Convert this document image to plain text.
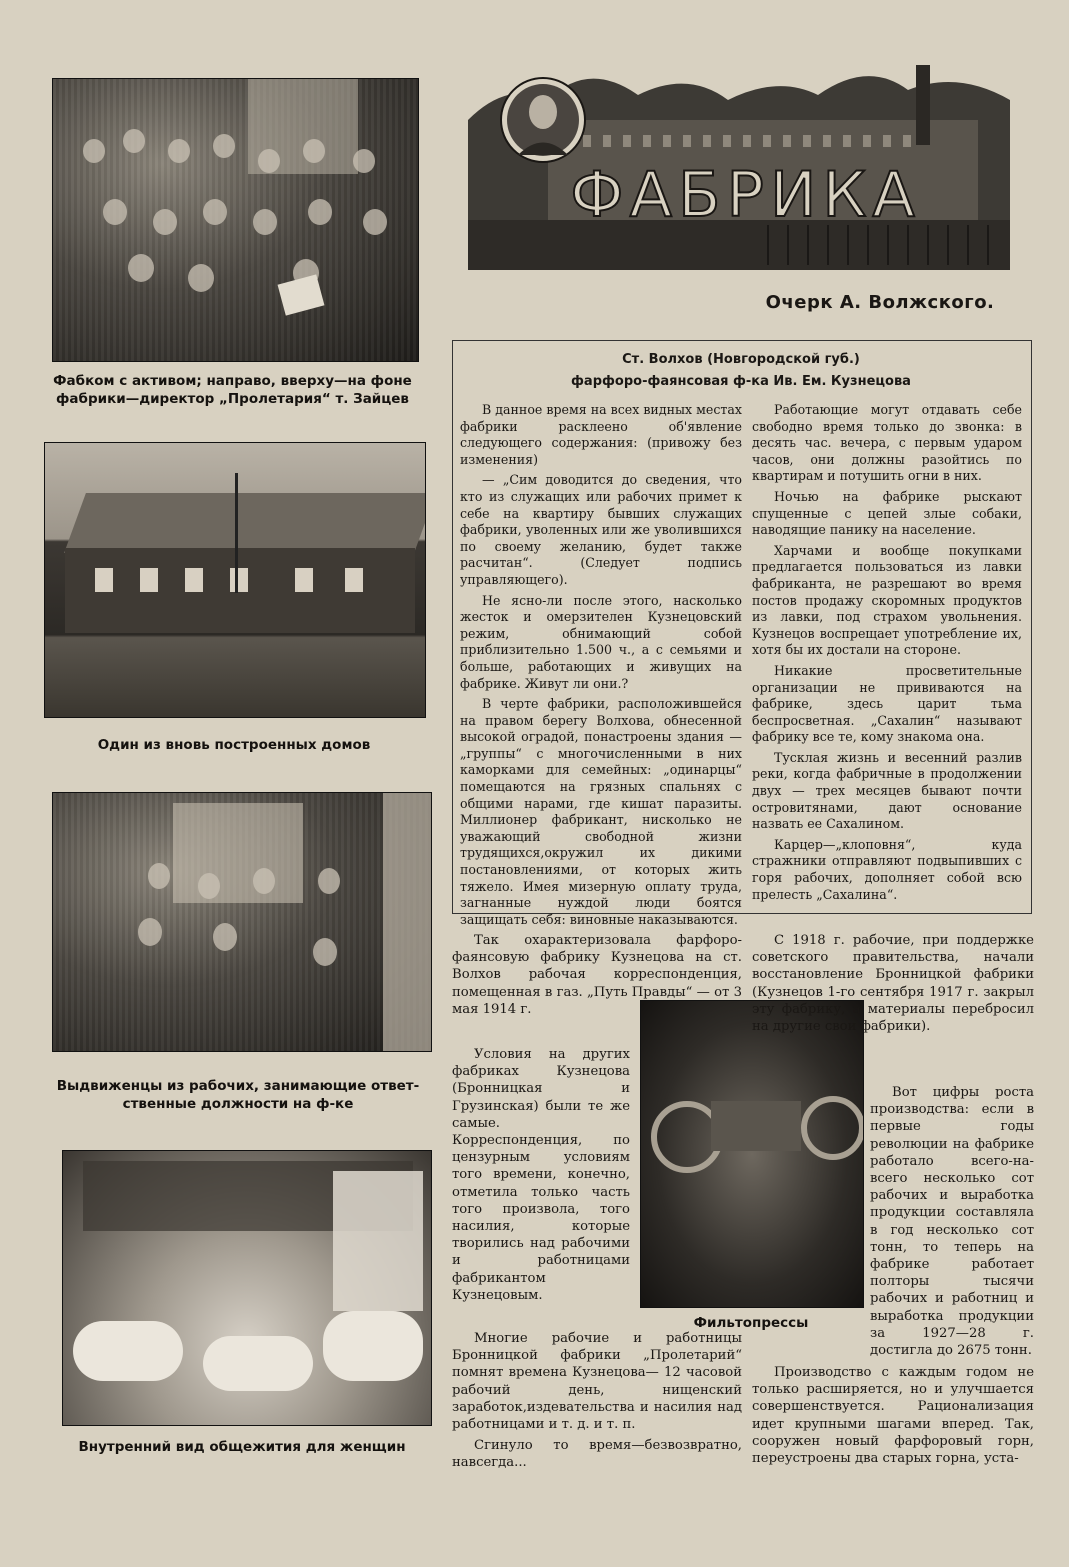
Фабком с активом; направо, вверху—на фоне фабрики—директор „Пролетария“ т. Зайцев
Один из вновь построенных домов
Выдвиженцы из рабочих, занимающие ответ- ственные должности на ф-ке
Внутренний вид общежития для женщин
ФАБРИКА
Очерк А. Волжского.
Ст. Волхов (Новгородской губ.)
фарфоро-фаянсовая ф-ка Ив. Ем. Кузнецова

В данное время на всех видных местах фабрики расклеено об'явление следующего содержания: (привожу без изменения)

— „Сим доводится до сведения, что кто из служащих или рабочих примет к себе на квартиру бывших служащих фабрики, уволенных или же уволившихся по своему желанию, будет также расчитан“. (Следует подпись управляющего).

Не ясно-ли после этого, насколько жесток и омерзителен Кузнецовский режим, обнимающий собой приблизительно 1.500 ч., а с семьями и больше, работающих и живущих на фабрике. Живут ли они.?

В черте фабрики, расположившейся на правом берегу Волхова, обнесенной высокой оградой, понастроены здания — „группы“ с многочисленными в них каморками для семейных: „одинарцы“ помещаются на грязных спальнях с общими нарами, где кишат паразиты. Миллионер фабрикант, нисколько не уважающий свободной жизни трудящихся,окружил их дикими постановлениями, от которых жить тяжело. Имея мизерную оплату труда, загнанные нуждой люди боятся защищать себя: виновные наказываются.

Работающие могут отдавать себе свободно время только до звонка: в десять час. вечера, с первым ударом часов, они должны разойтись по квартирам и потушить огни в них.

Ночью на фабрике рыскают спущенные с цепей злые собаки, наводящие панику на население.

Харчами и вообще покупками предлагается пользоваться из лавки фабриканта, не разрешают во время постов продажу скоромных продуктов из лавки, под страхом увольнения. Кузнецов воспрещает употребление их, хотя бы их достали на стороне.

Никакие просветительные организации не прививаются на фабрике, здесь царит тьма беспросветная. „Сахалин“ называют фабрику все те, кому знакома она.

Тусклая жизнь и весенний разлив реки, когда фабричные в продолжении двух — трех месяцев бывают почти островитянами, дают основание назвать ее Сахалином.

Карцер—„клоповня“, куда стражники отправляют подвыпивших с горя рабочих, дополняет собой всю прелесть „Сахалина“.

Так охарактеризовала фарфоро-фаянсовую фабрику Кузнецова на ст. Волхов рабочая корреспонденция, помещенная в газ. „Путь Правды“ — от 3 мая 1914 г.

Условия на других фабриках Кузнецова (Бронницкая и Грузинская) были те же самые. Корреспонденция, по цензурным условиям того времени, конечно, отметила только часть того произвола, того насилия, которые творились над рабочими и работницами фабрикантом Кузнецовым.

Фильтопрессы

Многие рабочие и работницы Бронницкой фабрики „Пролетарий“ помнят времена Кузнецова— 12 часовой рабочий день, нищенский заработок,издевательства и насилия над работницами и т. д. и т. п.

Сгинуло то время—безвозвратно, навсегда...

С 1918 г. рабочие, при поддержке советского правительства, начали восстановление Бронницкой фабрики (Кузнецов 1-го сентября 1917 г. закрыл эту фабрику, а материалы перебросил на другие свои фабрики).

Вот цифры роста производства: если в первые годы революции на фабрике работало всего-на-всего несколько сот рабочих и выработка продукции составляла в год несколько сот тонн, то теперь на фабрике работает полторы тысячи рабочих и работниц и выработка продукции за 1927—28 г. достигла до 2675 тонн.

Производство с каждым годом не только расширяется, но и улучшается совершенствуется. Рационализация идет крупными шагами вперед. Так, сооружен новый фарфоровый горн, переустроены два старых горна, уста-
